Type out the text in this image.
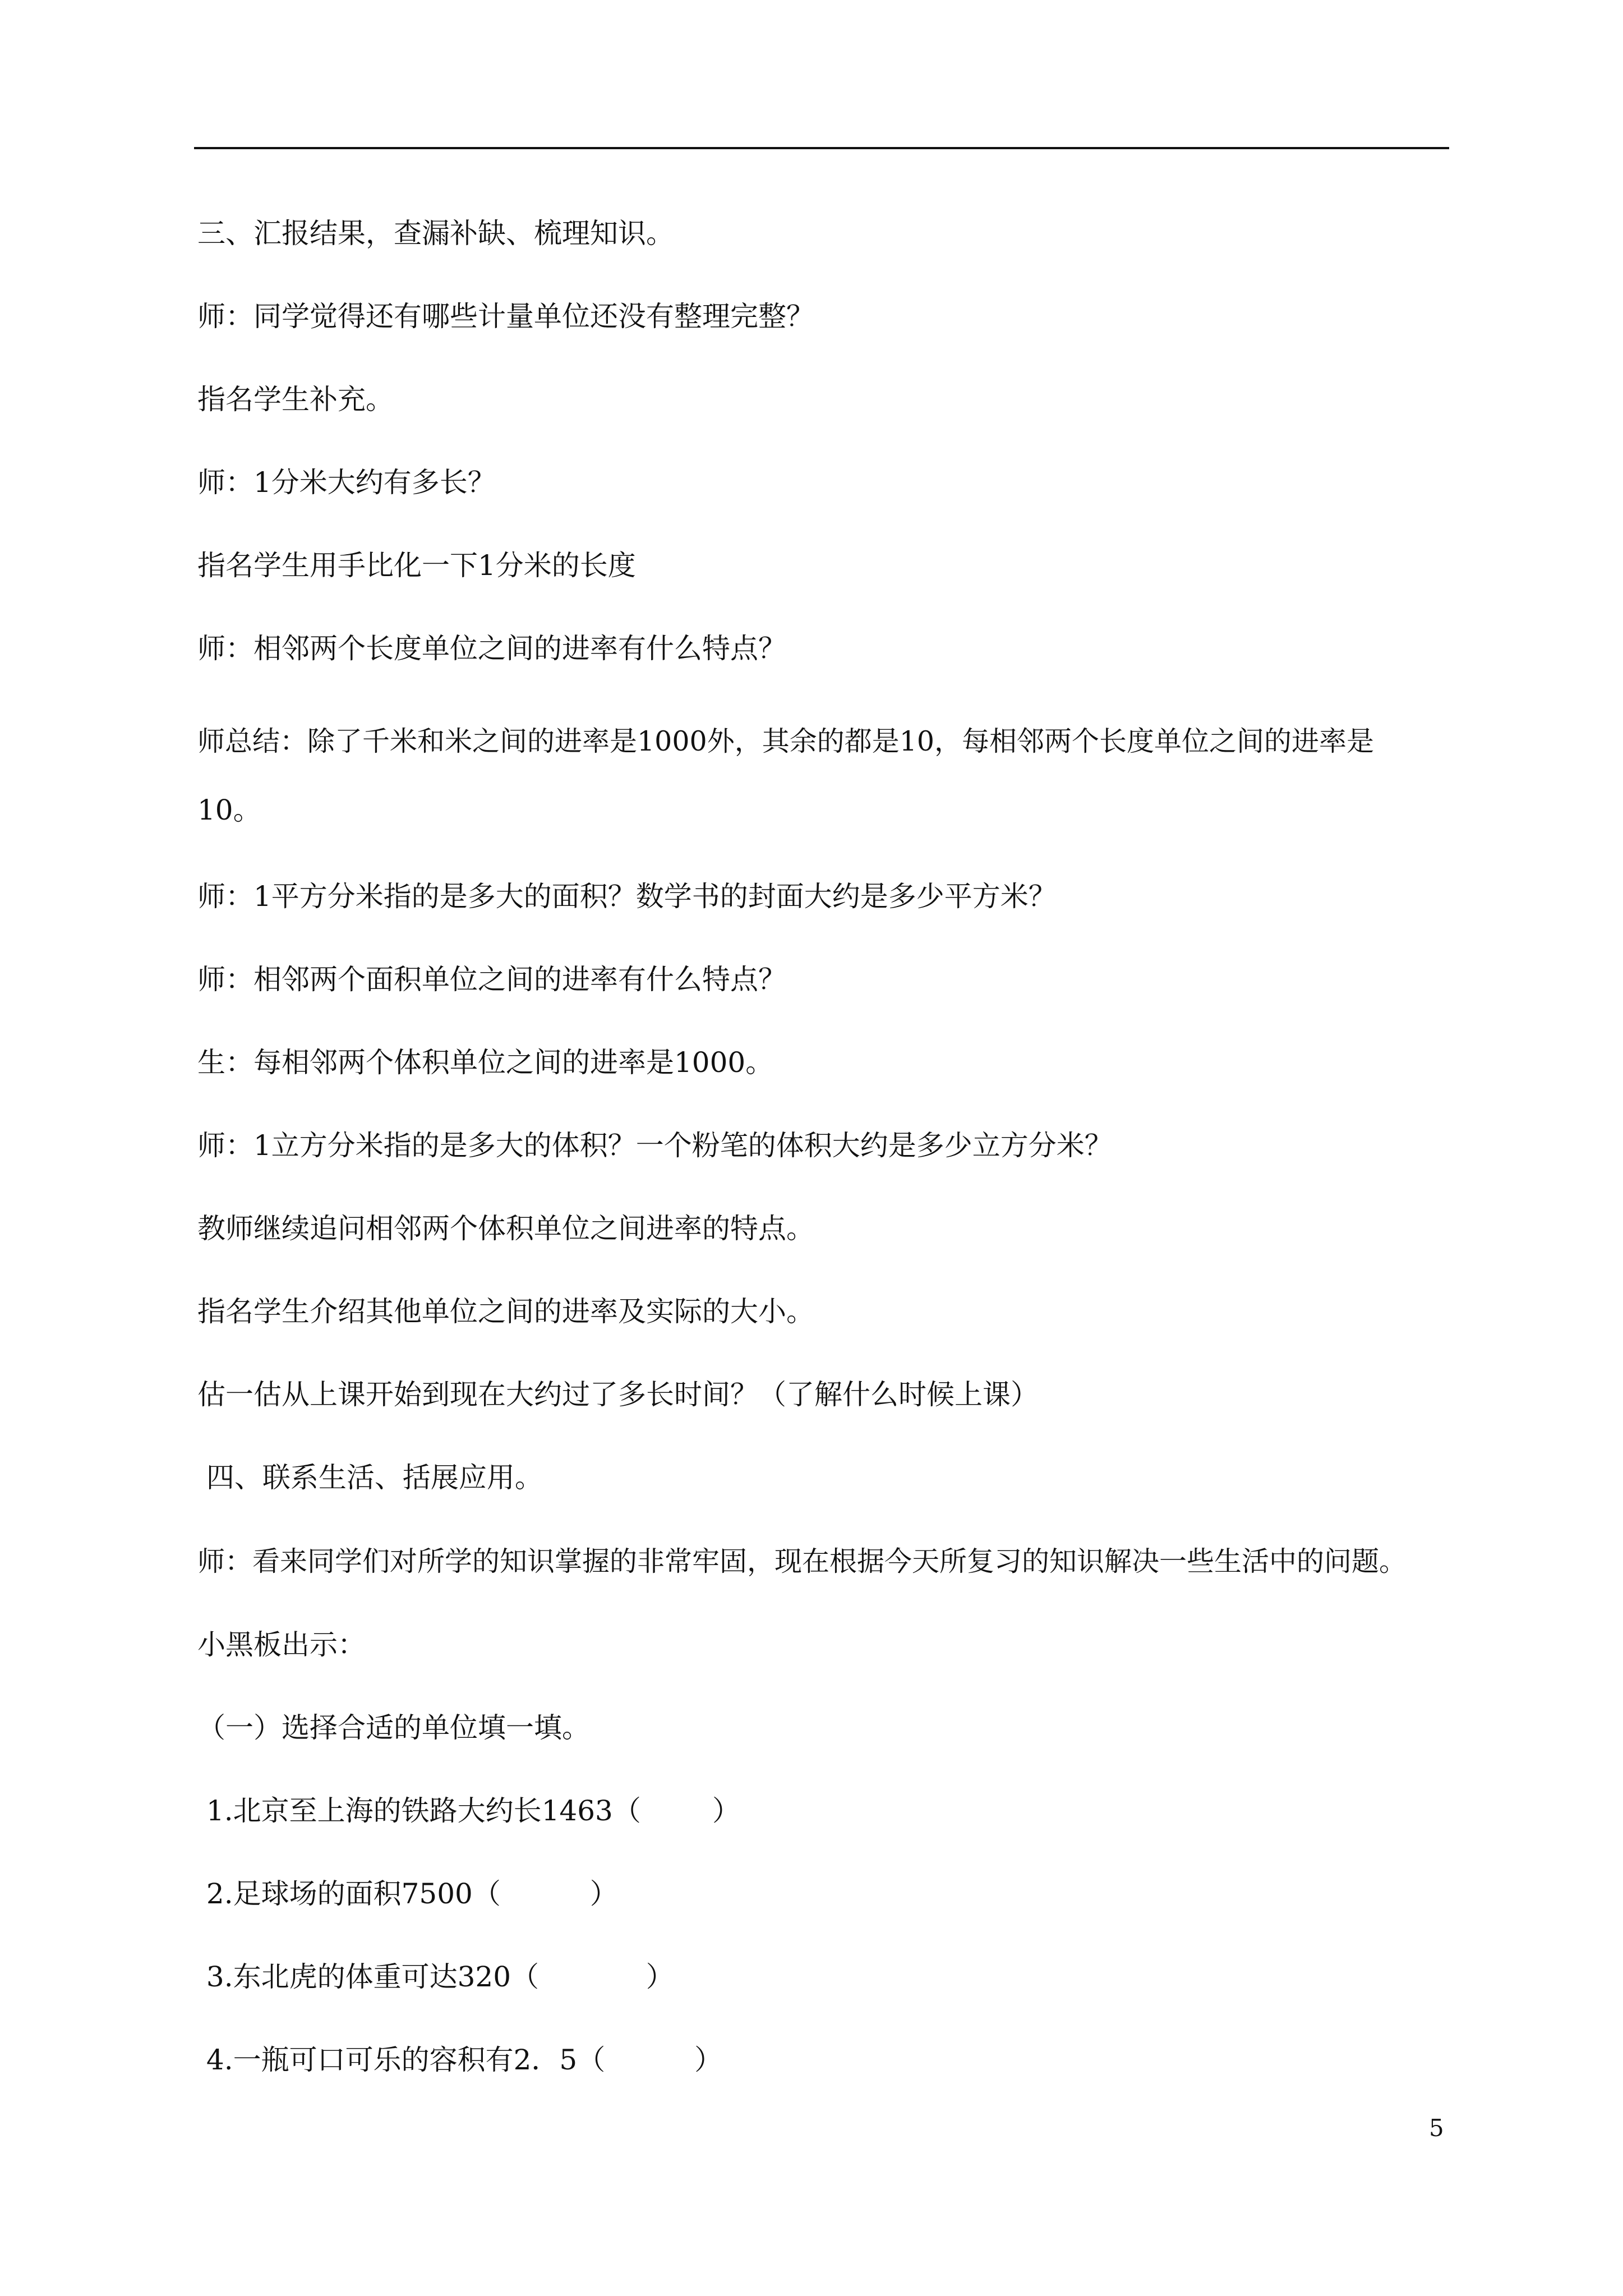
三、汇报结果，查漏补缺、梳理知识。
师：同学觉得还有哪些计量单位还没有整理完整？
指名学生补充。
师：1分米大约有多长？
指名学生用手比化一下1分米的长度
师：相邻两个长度单位之间的进率有什么特点？
师总结：除了千米和米之间的进率是1000外，其余的都是10，每相邻两个长度单位之间的进率是
10。
师：1平方分米指的是多大的面积？数学书的封面大约是多少平方米？
师：相邻两个面积单位之间的进率有什么特点？
生：每相邻两个体积单位之间的进率是1000。
师：1立方分米指的是多大的体积？一个粉笔的体积大约是多少立方分米？
教师继续追问相邻两个体积单位之间进率的特点。
指名学生介绍其他单位之间的进率及实际的大小。
估一估从上课开始到现在大约过了多长时间？（了解什么时候上课）
四、联系生活、括展应用。
师：看来同学们对所学的知识掌握的非常牢固，现在根据今天所复习的知识解决一些生活中的问题。
小黑板出示：
（一）选择合适的单位填一填。
1.北京至上海的铁路大约长1463（        ）
2.足球场的面积7500（          ）
3.东北虎的体重可达320（            ）
4.一瓶可口可乐的容积有2．5（          ）
5
